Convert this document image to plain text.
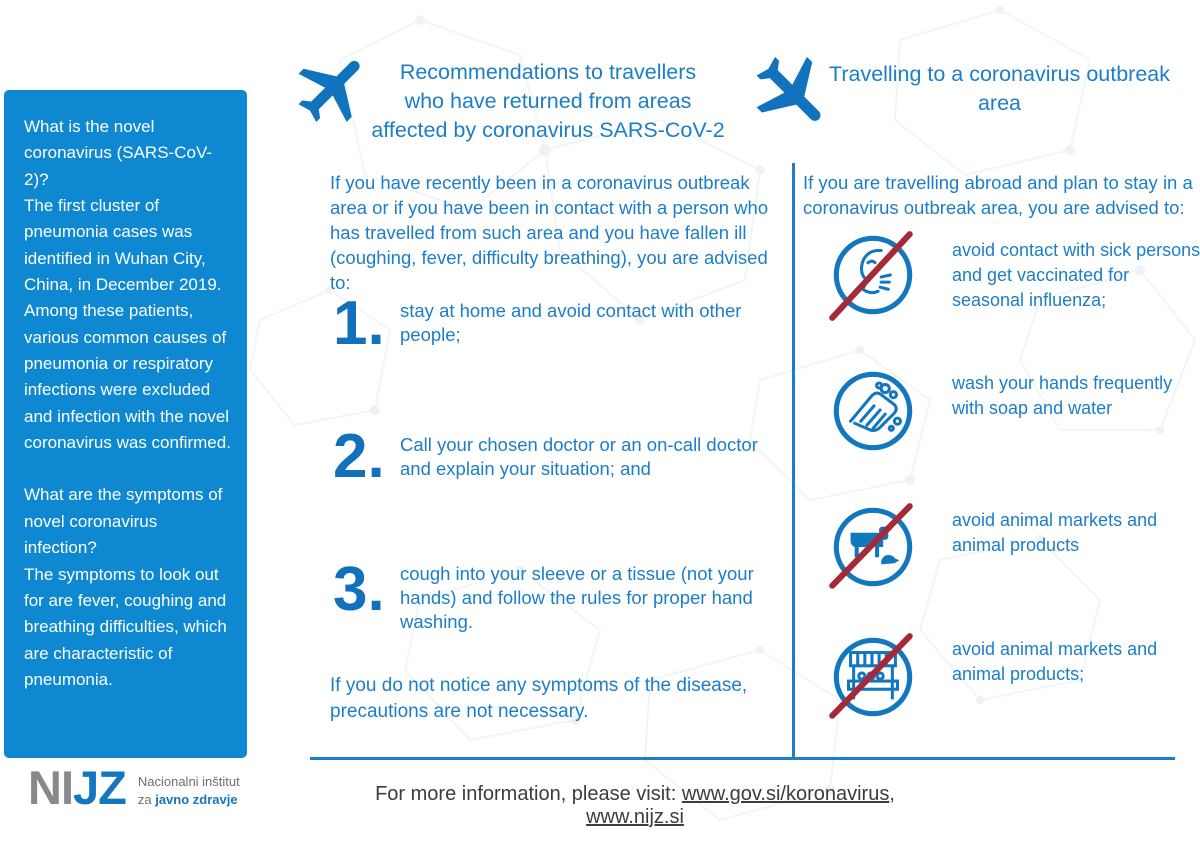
What is the novel coronavirus (SARS-CoV-2)?
The first cluster of pneumonia cases was identified in Wuhan City, China, in December 2019. Among these patients, various common causes of pneumonia or respiratory infections were excluded and infection with the novel coronavirus was confirmed.
What are the symptoms of novel coronavirus infection?
The symptoms to look out for are fever, coughing and breathing difficulties, which are characteristic of pneumonia.
Recommendations to travellers
who have returned from areas
affected by coronavirus SARS-CoV-2
If you have recently been in a coronavirus outbreak area or if you have been in contact with a person who has travelled from such area and you have fallen ill (coughing, fever, difficulty breathing), you are advised to:
1. stay at home and avoid contact with other people;
2. Call your chosen doctor or an on-call doctor and explain your situation; and
3. cough into your sleeve or a tissue (not your hands) and follow the rules for proper hand washing.
If you do not notice any symptoms of the disease, precautions are not necessary.
Travelling to a coronavirus outbreak
area
If you are travelling abroad and plan to stay in a coronavirus outbreak area, you are advised to:
avoid contact with sick persons and get vaccinated for seasonal influenza;
wash your hands frequently with soap and water
avoid animal markets and animal products
avoid animal markets and animal products;
NIJZ Nacionalni inštitut
za javno zdravje	For more information, please visit: www.gov.si/koronavirus, www.nijz.si
